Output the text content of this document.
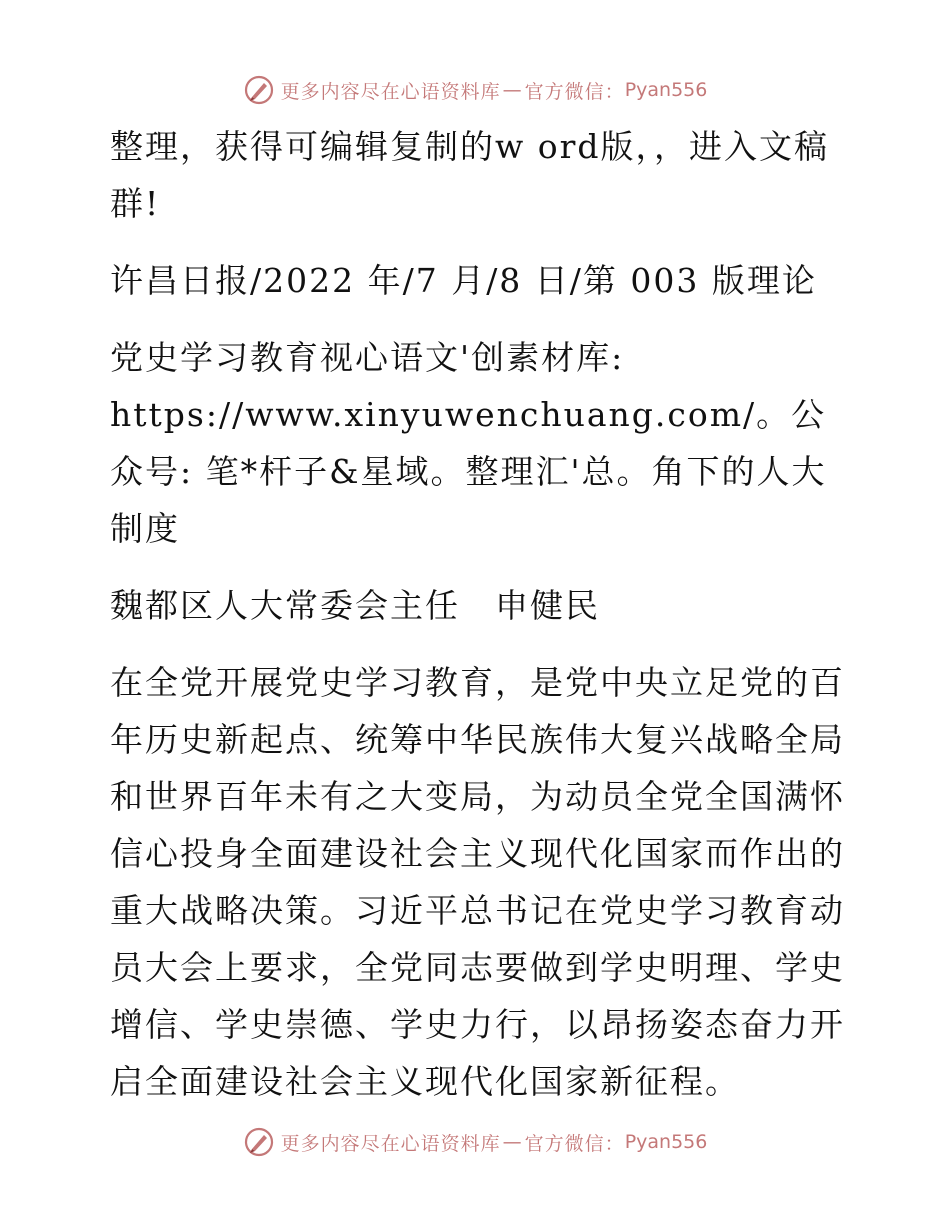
更多内容尽在心语资料库 — 官方微信： Pyan556

整理，获得可编辑复制的w ord版，，进入文稿群!

许昌日报/2022 年/7 月/8 日/第 003 版理论

党史学习教育视心语文'创素材库: https://www.xinyuwenchuang.com/。公众号: 笔*杆子&星域。整理汇'总。角下的人大制度

魏都区人大常委会主任　申健民

在全党开展党史学习教育，是党中央立足党的百年历史新起点、统筹中华民族伟大复兴战略全局和世界百年未有之大变局，为动员全党全国满怀信心投身全面建设社会主义现代化国家而作出的重大战略决策。习近平总书记在党史学习教育动员大会上要求，全党同志要做到学史明理、学史增信、学史崇德、学史力行，以昂扬姿态奋力开启全面建设社会主义现代化国家新征程。

更多内容尽在心语资料库 — 官方微信： Pyan556
